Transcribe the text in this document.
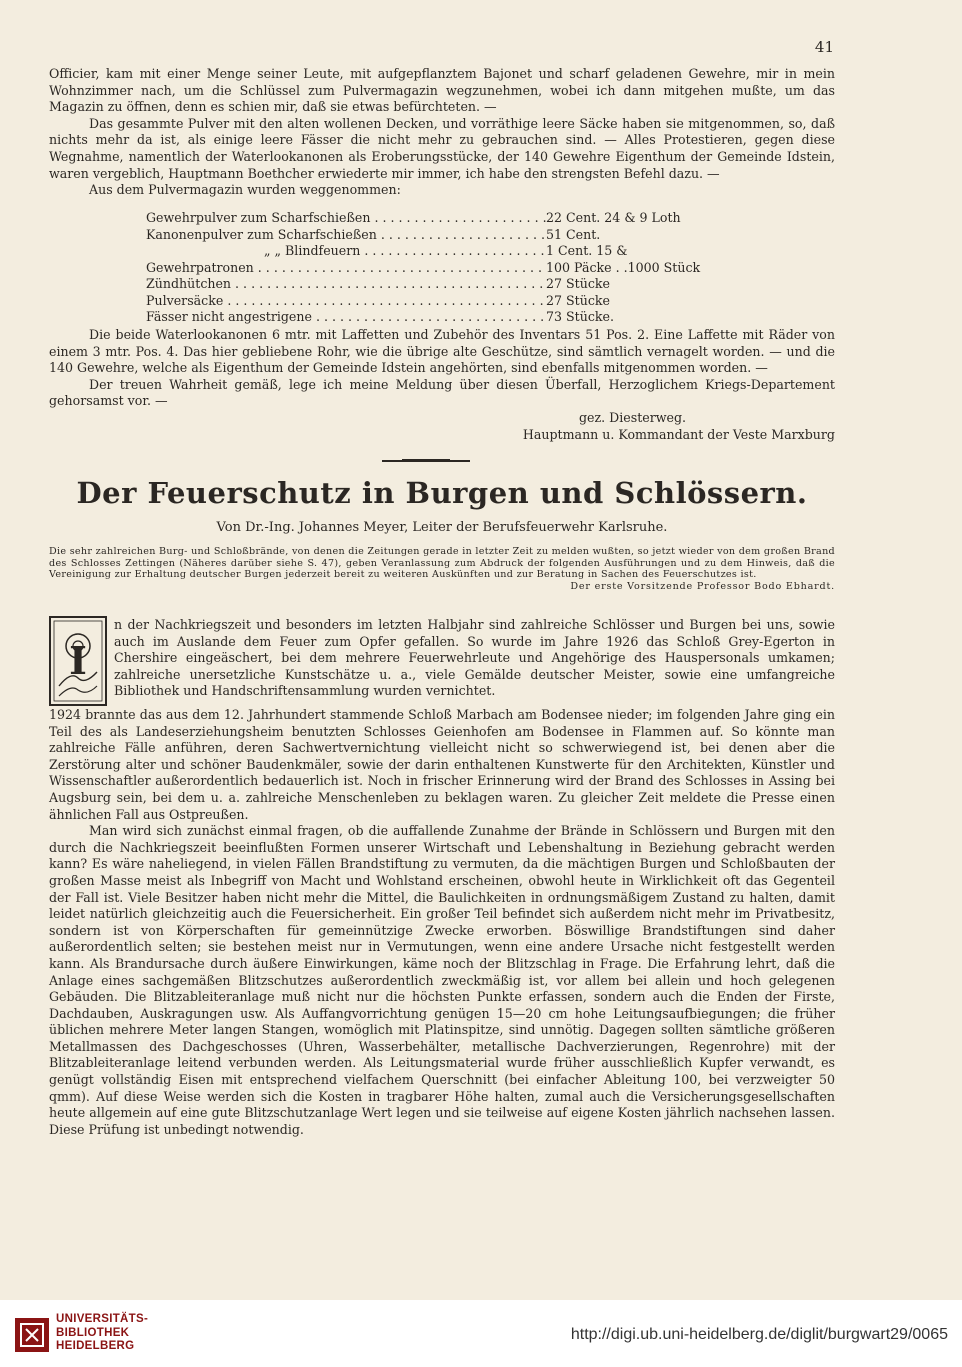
41

Officier, kam mit einer Menge seiner Leute, mit aufgepflanztem Bajonet und scharf geladenen Gewehre, mir in mein Wohnzimmer nach, um die Schlüssel zum Pulvermagazin wegzunehmen, wobei ich dann mitgehen mußte, um das Magazin zu öffnen, denn es schien mir, daß sie etwas befürchteten. —

Das gesammte Pulver mit den alten wollenen Decken, und vorräthige leere Säcke haben sie mitgenommen, so, daß nichts mehr da ist, als einige leere Fässer die nicht mehr zu gebrauchen sind. — Alles Protestieren, gegen diese Wegnahme, namentlich der Waterlookanonen als Eroberungsstücke, der 140 Gewehre Eigenthum der Gemeinde Idstein, waren vergeblich, Hauptmann Boethcher erwiederte mir immer, ich habe den strengsten Befehl dazu. —

Aus dem Pulvermagazin wurden weggenommen:

Gewehrpulver zum Scharfschießen . . .	22 Cent. 24 & 9 Loth
Kanonenpulver zum Scharfschießen . . .	51 Cent.
„ „ Blindfeuern . . .	1 Cent. 15 &
Gewehrpatronen . . .	100 Päcke . .1000 Stück
Zündhütchen . . .	27 Stücke
Pulversäcke . . .	27 Stücke
Fässer nicht angestrigene . . .	73 Stücke.

Die beide Waterlookanonen 6 mtr. mit Laffetten und Zubehör des Inventars 51 Pos. 2. Eine Laffette mit Räder von einem 3 mtr. Pos. 4. Das hier gebliebene Rohr, wie die übrige alte Geschütze, sind sämtlich vernagelt worden. — und die 140 Gewehre, welche als Eigenthum der Gemeinde Idstein angehörten, sind ebenfalls mitgenommen worden. —

Der treuen Wahrheit gemäß, lege ich meine Meldung über diesen Überfall, Herzoglichem Kriegs-Departement gehorsamst vor. —

gez. Diesterweg.
Hauptmann u. Kommandant der Veste Marxburg
Der Feuerschutz in Burgen und Schlössern.
Von Dr.-Ing. Johannes Meyer, Leiter der Berufsfeuerwehr Karlsruhe.
Die sehr zahlreichen Burg- und Schloßbrände, von denen die Zeitungen gerade in letzter Zeit zu melden wußten, so jetzt wieder von dem großen Brand des Schlosses Zettingen (Näheres darüber siehe S. 47), geben Veranlassung zum Abdruck der folgenden Ausführungen und zu dem Hinweis, daß die Vereinigung zur Erhaltung deutscher Burgen jederzeit bereit zu weiteren Auskünften und zur Beratung in Sachen des Feuerschutzes ist.
Der erste Vorsitzende Professor Bodo Ebhardt.
I

n der Nachkriegszeit und besonders im letzten Halbjahr sind zahlreiche Schlösser und Burgen bei uns, sowie auch im Auslande dem Feuer zum Opfer gefallen. So wurde im Jahre 1926 das Schloß Grey-Egerton in Chershire eingeäschert, bei dem mehrere Feuerwehrleute und Angehörige des Hauspersonals umkamen; zahlreiche unersetzliche Kunstschätze u. a., viele Gemälde deutscher Meister, sowie eine umfangreiche Bibliothek und Handschriftensammlung wurden vernichtet.

1924 brannte das aus dem 12. Jahrhundert stammende Schloß Marbach am Bodensee nieder; im folgenden Jahre ging ein Teil des als Landeserziehungsheim benutzten Schlosses Geienhofen am Bodensee in Flammen auf. So könnte man zahlreiche Fälle anführen, deren Sachwertvernichtung vielleicht nicht so schwerwiegend ist, bei denen aber die Zerstörung alter und schöner Baudenkmäler, sowie der darin enthaltenen Kunstwerte für den Architekten, Künstler und Wissenschaftler außerordentlich bedauerlich ist. Noch in frischer Erinnerung wird der Brand des Schlosses in Assing bei Augsburg sein, bei dem u. a. zahlreiche Menschenleben zu beklagen waren. Zu gleicher Zeit meldete die Presse einen ähnlichen Fall aus Ostpreußen.

Man wird sich zunächst einmal fragen, ob die auffallende Zunahme der Brände in Schlössern und Burgen mit den durch die Nachkriegszeit beeinflußten Formen unserer Wirtschaft und Lebenshaltung in Beziehung gebracht werden kann? Es wäre naheliegend, in vielen Fällen Brandstiftung zu vermuten, da die mächtigen Burgen und Schloßbauten der großen Masse meist als Inbegriff von Macht und Wohlstand erscheinen, obwohl heute in Wirklichkeit oft das Gegenteil der Fall ist. Viele Besitzer haben nicht mehr die Mittel, die Baulichkeiten in ordnungsmäßigem Zustand zu halten, damit leidet natürlich gleichzeitig auch die Feuersicherheit. Ein großer Teil befindet sich außerdem nicht mehr im Privatbesitz, sondern ist von Körperschaften für gemeinnützige Zwecke erworben. Böswillige Brandstiftungen sind daher außerordentlich selten; sie bestehen meist nur in Vermutungen, wenn eine andere Ursache nicht festgestellt werden kann. Als Brandursache durch äußere Einwirkungen, käme noch der Blitzschlag in Frage. Die Erfahrung lehrt, daß die Anlage eines sachgemäßen Blitzschutzes außerordentlich zweckmäßig ist, vor allem bei allein und hoch gelegenen Gebäuden. Die Blitzableiteranlage muß nicht nur die höchsten Punkte erfassen, sondern auch die Enden der Firste, Dachdauben, Auskragungen usw. Als Auffangvorrichtung genügen 15—20 cm hohe Leitungsaufbiegungen; die früher üblichen mehrere Meter langen Stangen, womöglich mit Platinspitze, sind unnötig. Dagegen sollten sämtliche größeren Metallmassen des Dachgeschosses (Uhren, Wasserbehälter, metallische Dachverzierungen, Regenrohre) mit der Blitzableiteranlage leitend verbunden werden. Als Leitungsmaterial wurde früher ausschließlich Kupfer verwandt, es genügt vollständig Eisen mit entsprechend vielfachem Querschnitt (bei einfacher Ableitung 100, bei verzweigter 50 qmm). Auf diese Weise werden sich die Kosten in tragbarer Höhe halten, zumal auch die Versicherungsgesellschaften heute allgemein auf eine gute Blitzschutzanlage Wert legen und sie teilweise auf eigene Kosten jährlich nachsehen lassen. Diese Prüfung ist unbedingt notwendig.

UNIVERSITÄTS-
BIBLIOTHEK
HEIDELBERG
http://digi.ub.uni-heidelberg.de/diglit/burgwart29/0065
